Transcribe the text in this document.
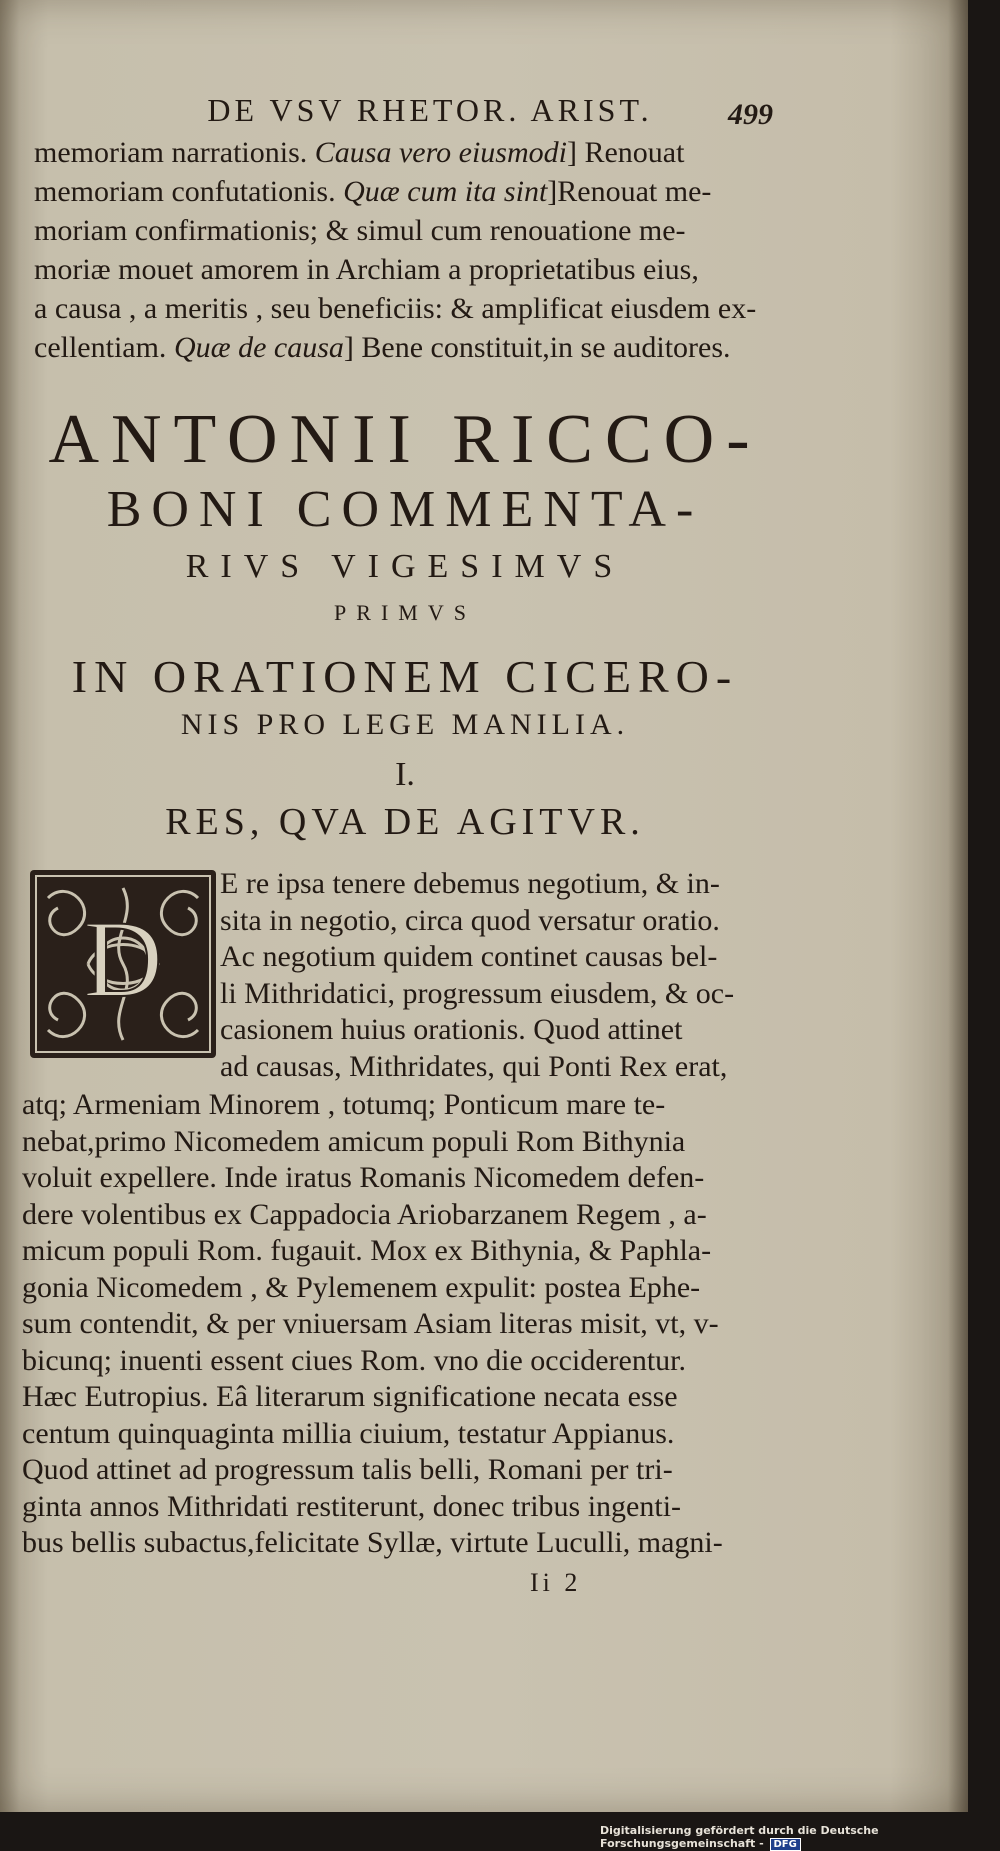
DE VSV RHETOR. ARIST.	499

memoriam narrationis. Causa vero eiusmodi] Renouat

memoriam confutationis. Quæ cum ita sint]Renouat me-

moriam confirmationis; & simul cum renouatione me-

moriæ mouet amorem in Archiam a proprietatibus eius,

a causa , a meritis , seu beneficiis: & amplificat eiusdem ex-

cellentiam. Quæ de causa] Bene constituit,in se auditores.

ANTONII RICCO-
BONI COMMENTA-
RIVS VIGESIMVS
PRIMVS
IN ORATIONEM CICERO-
NIS PRO LEGE MANILIA.
I.
RES, QVA DE AGITVR.
D

E re ipsa tenere debemus negotium, & in-

sita in negotio, circa quod versatur oratio.

Ac negotium quidem continet causas bel-

li Mithridatici, progressum eiusdem, & oc-

casionem huius orationis. Quod attinet

ad causas, Mithridates, qui Ponti Rex erat,

atq; Armeniam Minorem , totumq; Ponticum mare te-

nebat,primo Nicomedem amicum populi Rom Bithynia

voluit expellere. Inde iratus Romanis Nicomedem defen-

dere volentibus ex Cappadocia Ariobarzanem Regem , a-

micum populi Rom. fugauit. Mox ex Bithynia, & Paphla-

gonia Nicomedem , & Pylemenem expulit: postea Ephe-

sum contendit, & per vniuersam Asiam literas misit, vt, v-

bicunq; inuenti essent ciues Rom. vno die occiderentur.

Hæc Eutropius. Eâ literarum significatione necata esse

centum quinquaginta millia ciuium, testatur Appianus.

Quod attinet ad progressum talis belli, Romani per tri-

ginta annos Mithridati restiterunt, donec tribus ingenti-

bus bellis subactus,felicitate Syllæ, virtute Luculli, magni-

Ii 2
Digitalisierung gefördert durch die Deutsche Forschungsgemeinschaft - DFG
